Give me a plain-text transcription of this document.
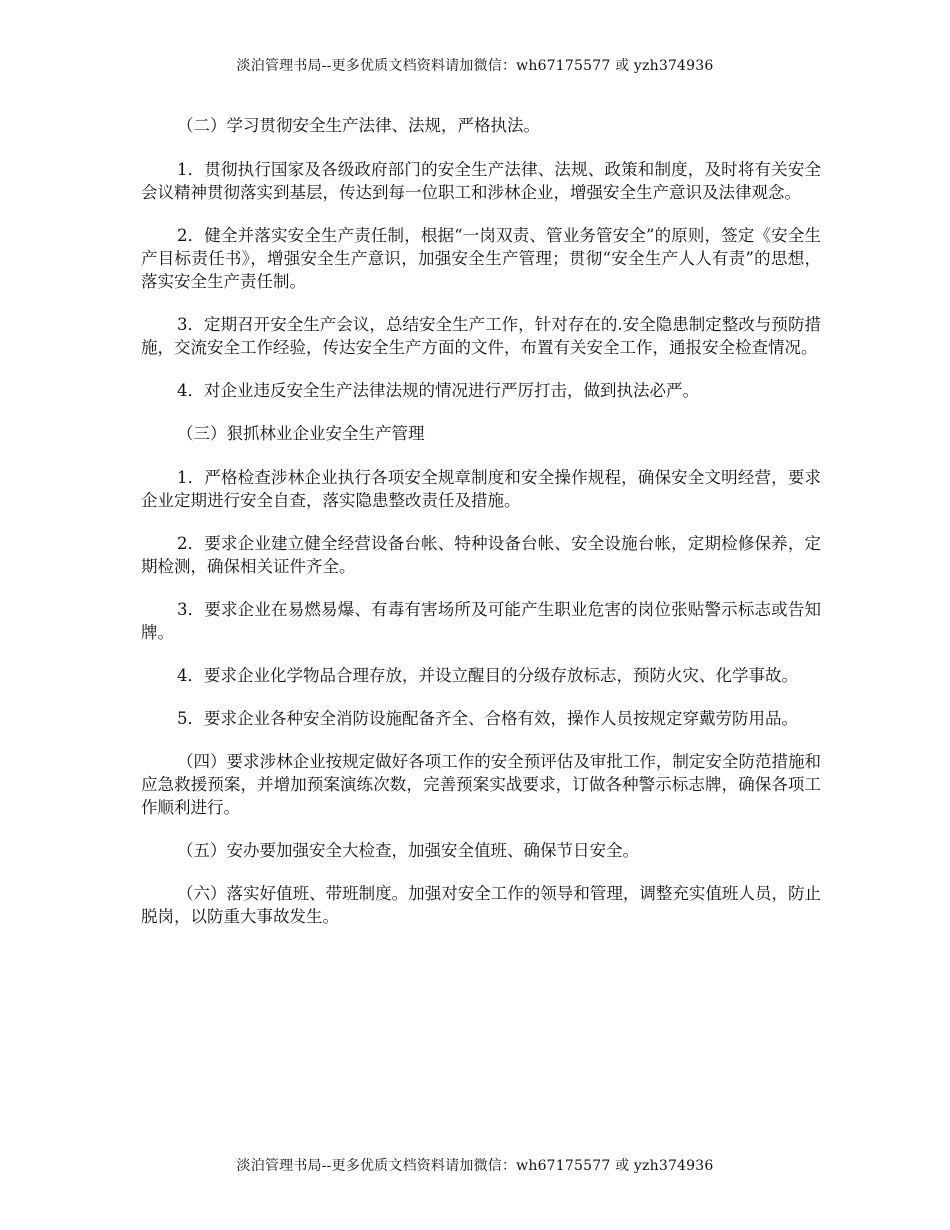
淡泊管理书局--更多优质文档资料请加微信：wh67175577 或 yzh374936

（二）学习贯彻安全生产法律、法规，严格执法。

1．贯彻执行国家及各级政府部门的安全生产法律、法规、政策和制度，及时将有关安全会议精神贯彻落实到基层，传达到每一位职工和涉林企业，增强安全生产意识及法律观念。

2．健全并落实安全生产责任制，根据“一岗双责、管业务管安全”的原则，签定《安全生产目标责任书》，增强安全生产意识，加强安全生产管理；贯彻“安全生产人人有责”的思想，落实安全生产责任制。

3．定期召开安全生产会议，总结安全生产工作，针对存在的.安全隐患制定整改与预防措施，交流安全工作经验，传达安全生产方面的文件，布置有关安全工作，通报安全检查情况。

4．对企业违反安全生产法律法规的情况进行严厉打击，做到执法必严。

（三）狠抓林业企业安全生产管理

1．严格检查涉林企业执行各项安全规章制度和安全操作规程，确保安全文明经营，要求企业定期进行安全自查，落实隐患整改责任及措施。

2．要求企业建立健全经营设备台帐、特种设备台帐、安全设施台帐，定期检修保养，定期检测，确保相关证件齐全。

3．要求企业在易燃易爆、有毒有害场所及可能产生职业危害的岗位张贴警示标志或告知牌。

4．要求企业化学物品合理存放，并设立醒目的分级存放标志，预防火灾、化学事故。

5．要求企业各种安全消防设施配备齐全、合格有效，操作人员按规定穿戴劳防用品。

（四）要求涉林企业按规定做好各项工作的安全预评估及审批工作，制定安全防范措施和应急救援预案，并增加预案演练次数，完善预案实战要求，订做各种警示标志牌，确保各项工作顺利进行。

（五）安办要加强安全大检查，加强安全值班、确保节日安全。

（六）落实好值班、带班制度。加强对安全工作的领导和管理，调整充实值班人员，防止脱岗，以防重大事故发生。

淡泊管理书局--更多优质文档资料请加微信：wh67175577 或 yzh374936
